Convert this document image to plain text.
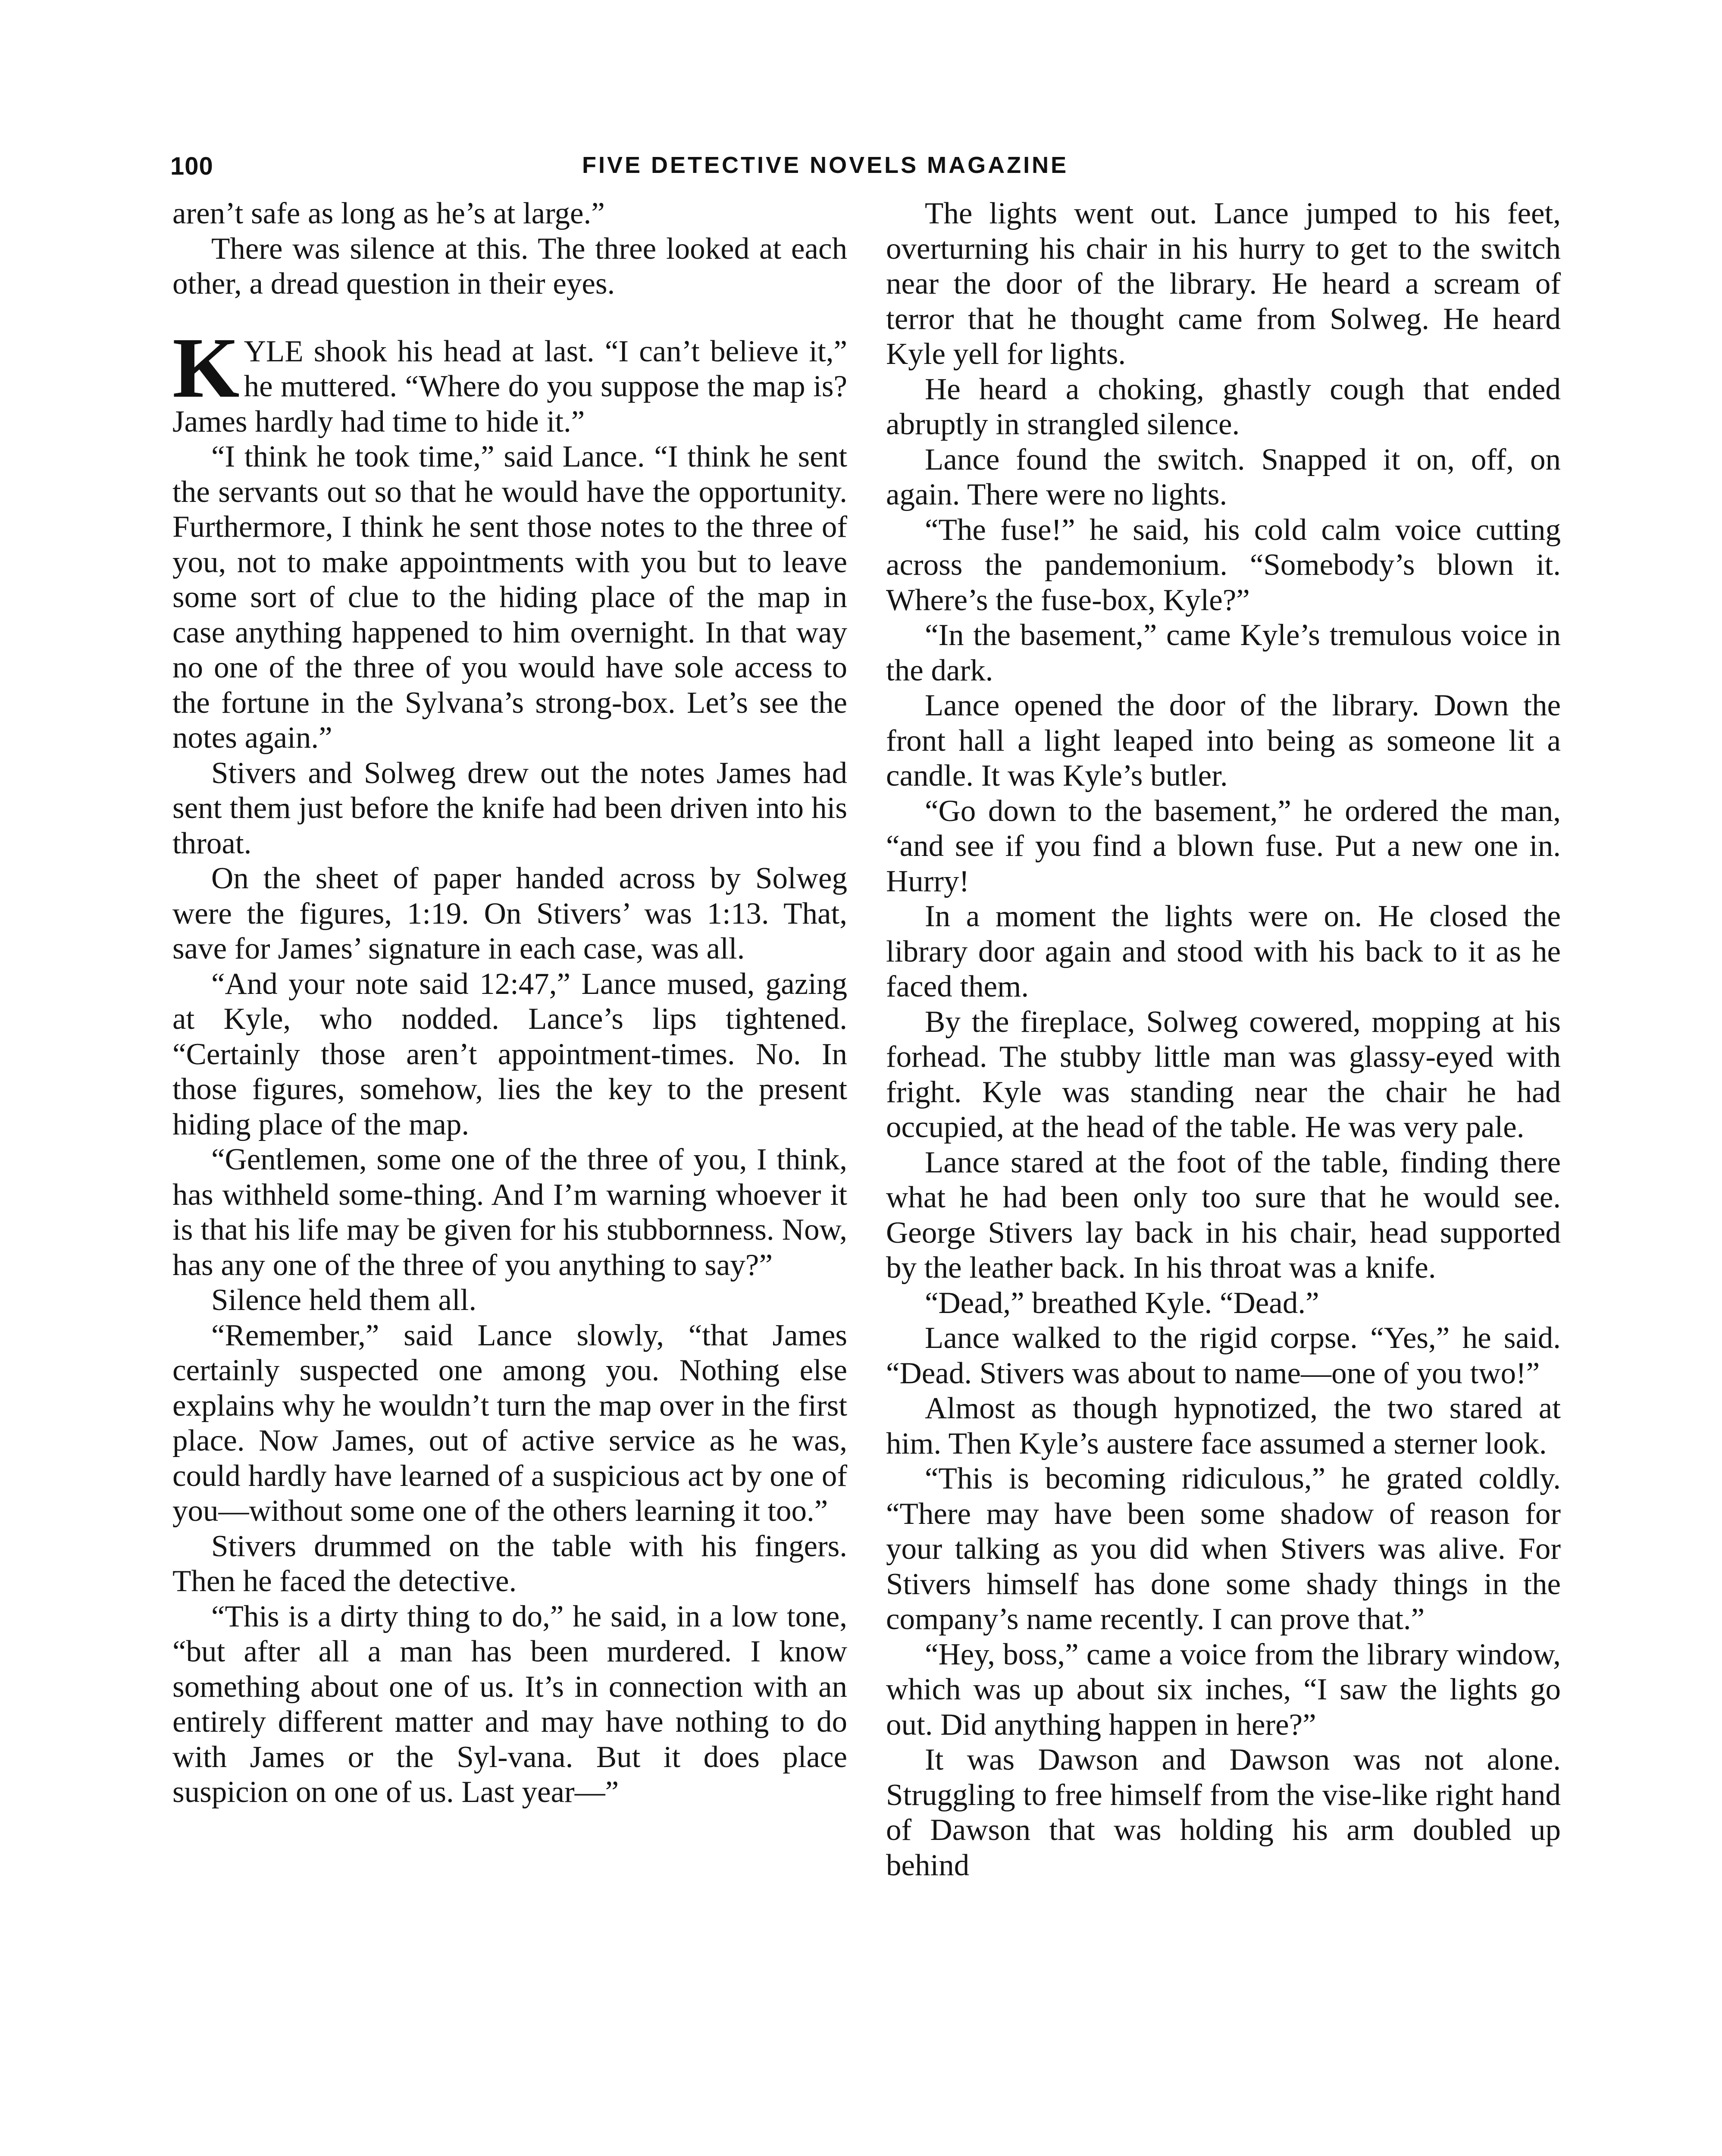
100	FIVE DETECTIVE NOVELS MAGAZINE

aren’t safe as long as he’s at large.”

There was silence at this. The three looked at each other, a dread question in their eyes.

KYLE shook his head at last. “I can’t believe it,” he muttered. “Where do you suppose the map is? James hardly had time to hide it.”

“I think he took time,” said Lance. “I think he sent the servants out so that he would have the opportunity. Furthermore, I think he sent those notes to the three of you, not to make appointments with you but to leave some sort of clue to the hiding place of the map in case anything happened to him overnight. In that way no one of the three of you would have sole access to the fortune in the Sylvana’s strong-box. Let’s see the notes again.”

Stivers and Solweg drew out the notes James had sent them just before the knife had been driven into his throat.

On the sheet of paper handed across by Solweg were the figures, 1:19. On Stivers’ was 1:13. That, save for James’ signature in each case, was all.

“And your note said 12:47,” Lance mused, gazing at Kyle, who nodded. Lance’s lips tightened. “Certainly those aren’t appointment-times. No. In those figures, somehow, lies the key to the present hiding place of the map.

“Gentlemen, some one of the three of you, I think, has withheld some-thing. And I’m warning whoever it is that his life may be given for his stubbornness. Now, has any one of the three of you anything to say?”

Silence held them all.

“Remember,” said Lance slowly, “that James certainly suspected one among you. Nothing else explains why he wouldn’t turn the map over in the first place. Now James, out of active service as he was, could hardly have learned of a suspicious act by one of you—without some one of the others learning it too.”

Stivers drummed on the table with his fingers. Then he faced the detective.

“This is a dirty thing to do,” he said, in a low tone, “but after all a man has been murdered. I know something about one of us. It’s in connection with an entirely different matter and may have nothing to do with James or the Syl-vana. But it does place suspicion on one of us. Last year—”

The lights went out. Lance jumped to his feet, overturning his chair in his hurry to get to the switch near the door of the library. He heard a scream of terror that he thought came from Solweg. He heard Kyle yell for lights.

He heard a choking, ghastly cough that ended abruptly in strangled silence.

Lance found the switch. Snapped it on, off, on again. There were no lights.

“The fuse!” he said, his cold calm voice cutting across the pandemonium. “Somebody’s blown it. Where’s the fuse-box, Kyle?”

“In the basement,” came Kyle’s tremulous voice in the dark.

Lance opened the door of the library. Down the front hall a light leaped into being as someone lit a candle. It was Kyle’s butler.

“Go down to the basement,” he ordered the man, “and see if you find a blown fuse. Put a new one in. Hurry!

In a moment the lights were on. He closed the library door again and stood with his back to it as he faced them.

By the fireplace, Solweg cowered, mopping at his forhead. The stubby little man was glassy-eyed with fright. Kyle was standing near the chair he had occupied, at the head of the table. He was very pale.

Lance stared at the foot of the table, finding there what he had been only too sure that he would see. George Stivers lay back in his chair, head supported by the leather back. In his throat was a knife.

“Dead,” breathed Kyle. “Dead.”

Lance walked to the rigid corpse. “Yes,” he said. “Dead. Stivers was about to name—one of you two!”

Almost as though hypnotized, the two stared at him. Then Kyle’s austere face assumed a sterner look.

“This is becoming ridiculous,” he grated coldly. “There may have been some shadow of reason for your talking as you did when Stivers was alive. For Stivers himself has done some shady things in the company’s name recently. I can prove that.”

“Hey, boss,” came a voice from the library window, which was up about six inches, “I saw the lights go out. Did anything happen in here?”

It was Dawson and Dawson was not alone. Struggling to free himself from the vise-like right hand of Dawson that was holding his arm doubled up behind
